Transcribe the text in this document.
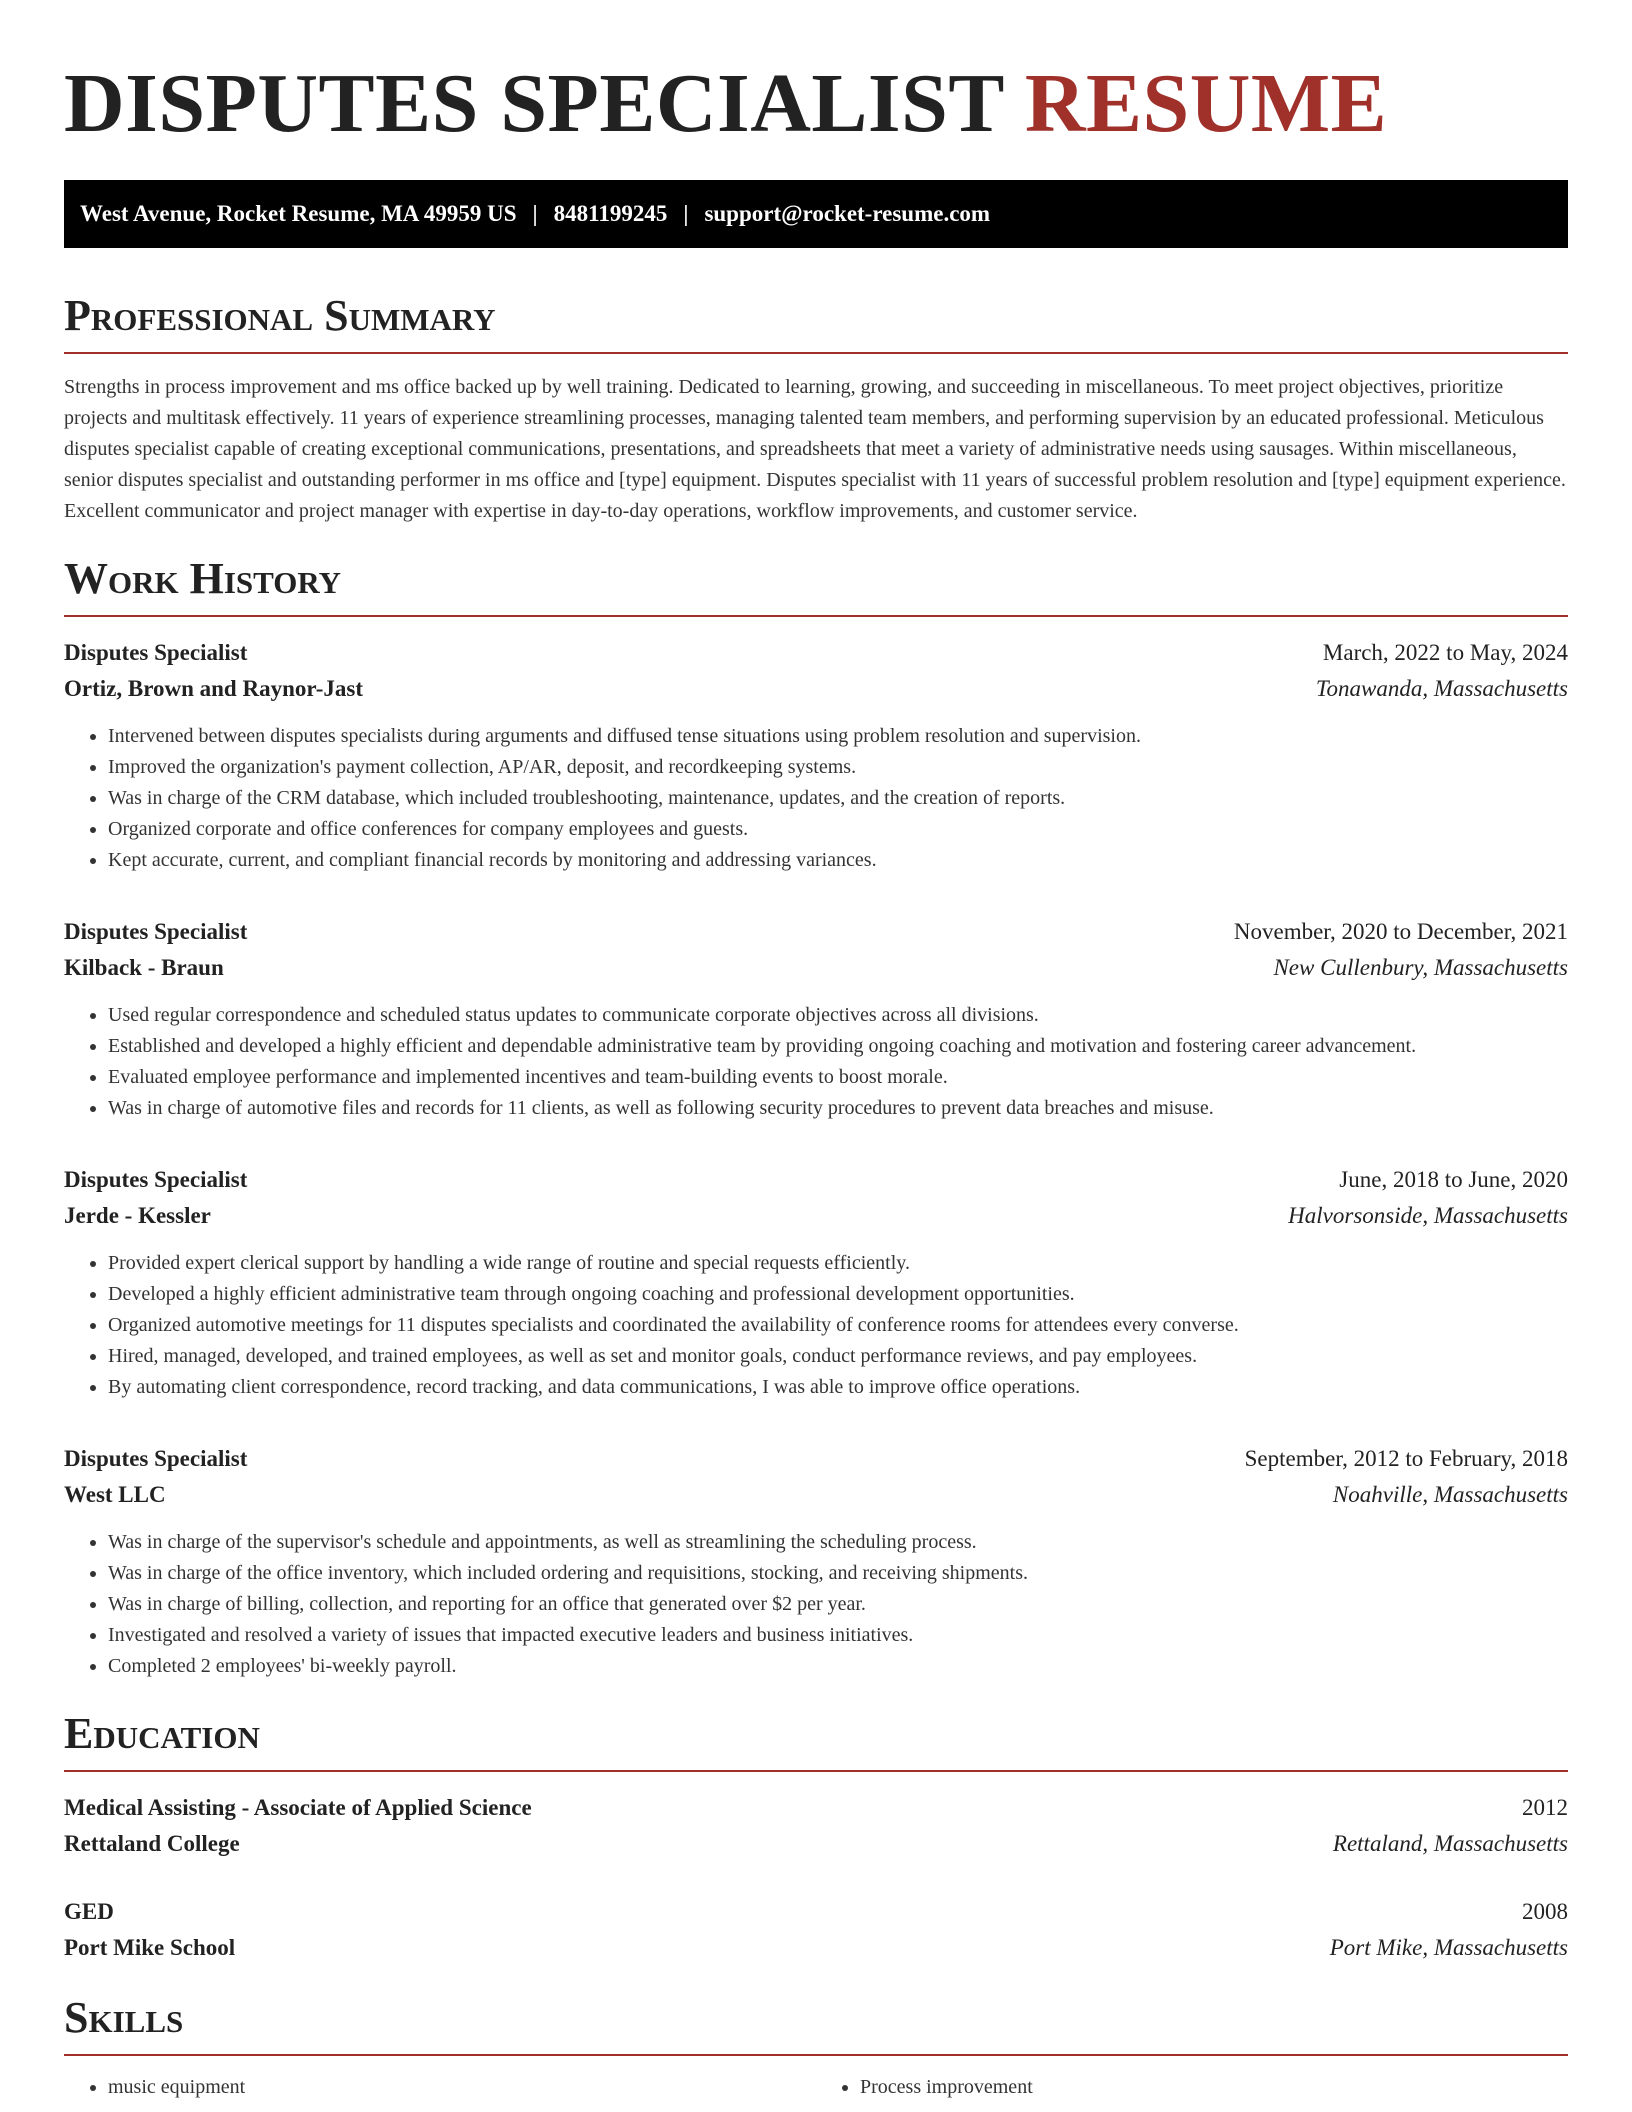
DISPUTES SPECIALIST RESUME
West Avenue, Rocket Resume, MA 49959 US | 8481199245 | support@rocket-resume.com
Professional Summary

Strengths in process improvement and ms office backed up by well training. Dedicated to learning, growing, and succeeding in miscellaneous. To meet project objectives, prioritize projects and multitask effectively. 11 years of experience streamlining processes, managing talented team members, and performing supervision by an educated professional. Meticulous disputes specialist capable of creating exceptional communications, presentations, and spreadsheets that meet a variety of administrative needs using sausages. Within miscellaneous, senior disputes specialist and outstanding performer in ms office and [type] equipment. Disputes specialist with 11 years of successful problem resolution and [type] equipment experience. Excellent communicator and project manager with expertise in day-to-day operations, workflow improvements, and customer service.

Work History
Disputes Specialist	March, 2022 to May, 2024
Ortiz, Brown and Raynor-Jast	Tonawanda, Massachusetts
• Intervened between disputes specialists during arguments and diffused tense situations using problem resolution and supervision.
• Improved the organization's payment collection, AP/AR, deposit, and recordkeeping systems.
• Was in charge of the CRM database, which included troubleshooting, maintenance, updates, and the creation of reports.
• Organized corporate and office conferences for company employees and guests.
• Kept accurate, current, and compliant financial records by monitoring and addressing variances.
Disputes Specialist	November, 2020 to December, 2021
Kilback - Braun	New Cullenbury, Massachusetts
• Used regular correspondence and scheduled status updates to communicate corporate objectives across all divisions.
• Established and developed a highly efficient and dependable administrative team by providing ongoing coaching and motivation and fostering career advancement.
• Evaluated employee performance and implemented incentives and team-building events to boost morale.
• Was in charge of automotive files and records for 11 clients, as well as following security procedures to prevent data breaches and misuse.
Disputes Specialist	June, 2018 to June, 2020
Jerde - Kessler	Halvorsonside, Massachusetts
• Provided expert clerical support by handling a wide range of routine and special requests efficiently.
• Developed a highly efficient administrative team through ongoing coaching and professional development opportunities.
• Organized automotive meetings for 11 disputes specialists and coordinated the availability of conference rooms for attendees every converse.
• Hired, managed, developed, and trained employees, as well as set and monitor goals, conduct performance reviews, and pay employees.
• By automating client correspondence, record tracking, and data communications, I was able to improve office operations.
Disputes Specialist	September, 2012 to February, 2018
West LLC	Noahville, Massachusetts
• Was in charge of the supervisor's schedule and appointments, as well as streamlining the scheduling process.
• Was in charge of the office inventory, which included ordering and requisitions, stocking, and receiving shipments.
• Was in charge of billing, collection, and reporting for an office that generated over $2 per year.
• Investigated and resolved a variety of issues that impacted executive leaders and business initiatives.
• Completed 2 employees' bi-weekly payroll.
Education
Medical Assisting - Associate of Applied Science	2012
Rettaland College	Rettaland, Massachusetts
GED	2008
Port Mike School	Port Mike, Massachusetts
Skills
• music equipment
•	Process improvement
